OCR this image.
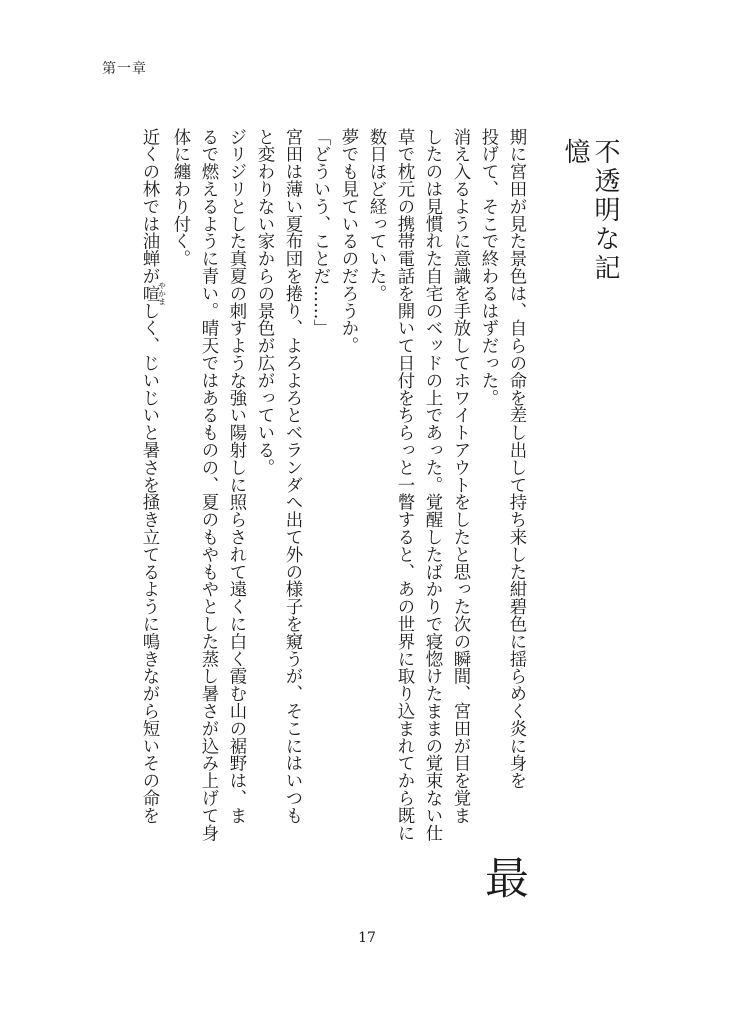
第一章
不透明な記憶

最
期に宮田が見た景色は、自らの命を差し出して持ち来した紺碧色に揺らめく炎に身を

投げて、そこで終わるはずだった。

消え入るように意識を手放してホワイトアウトをしたと思った次の瞬間、宮田が目を覚ま

したのは見慣れた自宅のベッドの上であった。覚醒したばかりで寝惚けたままの覚束ない仕

草で枕元の携帯電話を開いて日付をちらっと一瞥すると、あの世界に取り込まれてから既に

数日ほど経っていた。

夢でも見ているのだろうか。

「どういう、ことだ……」

宮田は薄い夏布団を捲り、よろよろとベランダへ出て外の様子を窺うが、そこにはいつも

と変わりない家からの景色が広がっている。

ジリジリとした真夏の刺すような強い陽射しに照らされて遠くに白く霞む山の裾野は、ま

るで燃えるように青い。晴天ではあるものの、夏のもやもやとした蒸し暑さが込み上げて身

体に纏わり付く。

近くの林では油蝉が喧やかましく、じいじいと暑さを掻き立てるように鳴きながら短いその命を

17
